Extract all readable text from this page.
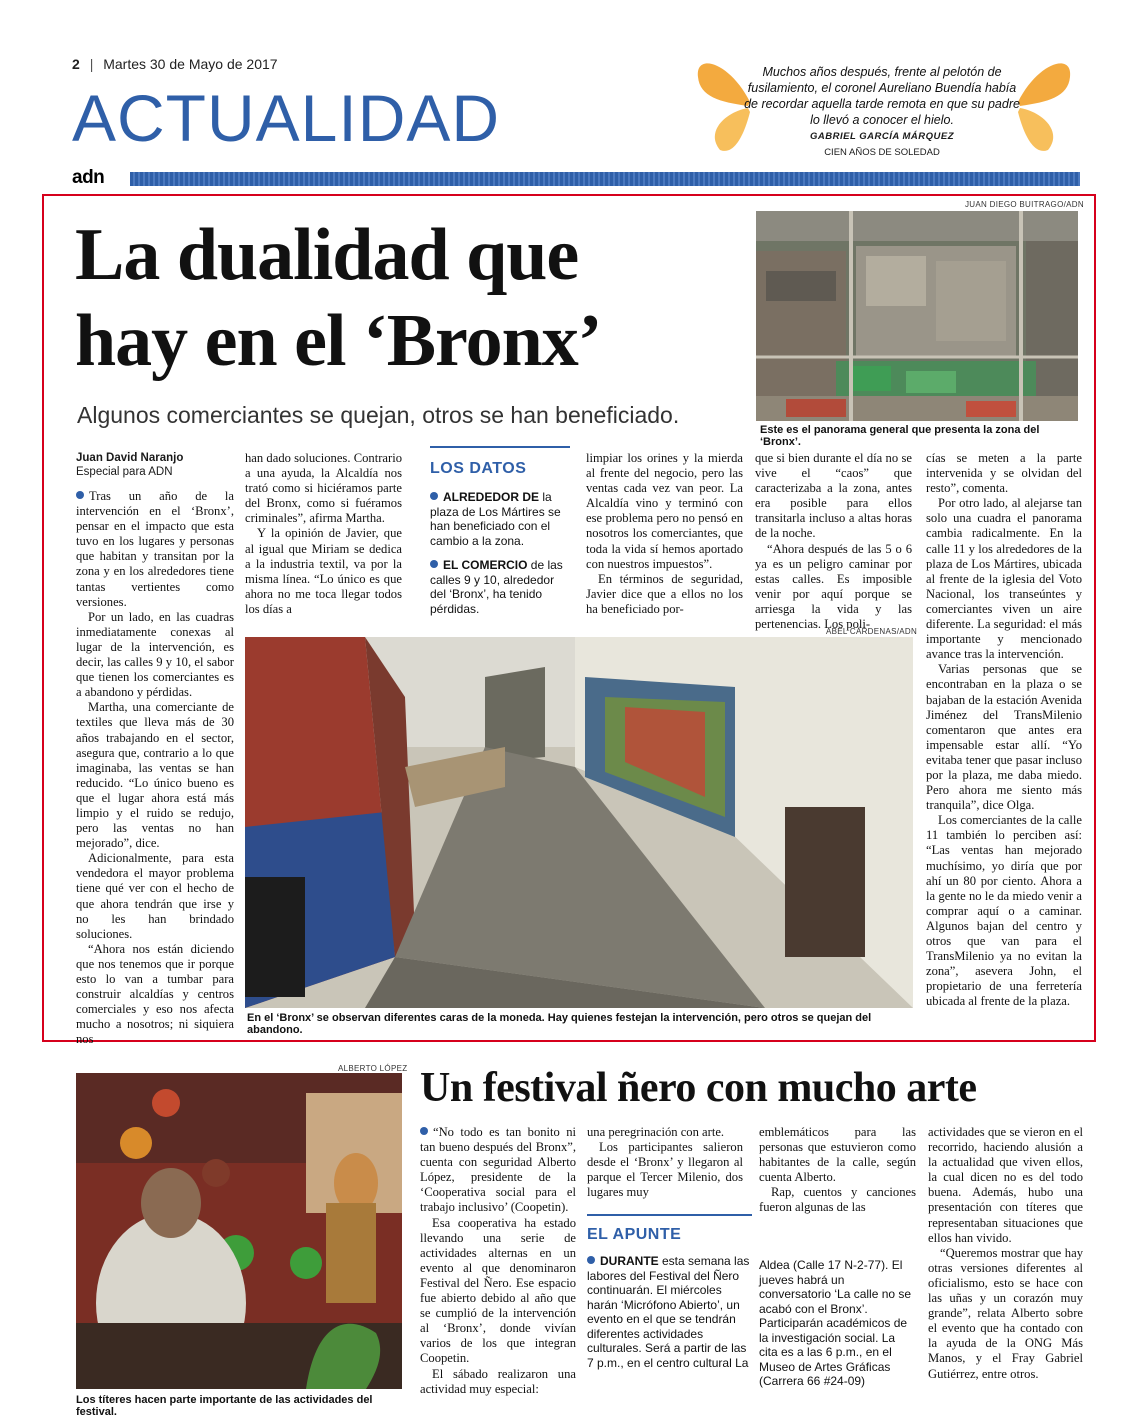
2 | Martes 30 de Mayo de 2017
ACTUALIDAD
Muchos años después, frente al pelotón de fusilamiento, el coronel Aureliano Buendía había de recordar aquella tarde remota en que su padre lo llevó a conocer el hielo.
GABRIEL GARCÍA MÁRQUEZ
CIEN AÑOS DE SOLEDAD
adn
La dualidad que
hay en el ‘Bronx’
Algunos comerciantes se quejan, otros se han beneficiado.
JUAN DIEGO BUITRAGO/ADN
Este es el panorama general que presenta la zona del ‘Bronx’.
Juan David Naranjo
Especial para ADN

Tras un año de la intervención en el ‘Bronx’, pensar en el impacto que esta tuvo en los lugares y personas que habitan y transitan por la zona y en los alrededores tiene tantas vertientes como versiones.

Por un lado, en las cuadras inmediatamente conexas al lugar de la intervención, es decir, las calles 9 y 10, el sabor que tienen los comerciantes es a abandono y pérdidas.

Martha, una comerciante de textiles que lleva más de 30 años trabajando en el sector, asegura que, contrario a lo que imaginaba, las ventas se han reducido. “Lo único bueno es que el lugar ahora está más limpio y el ruido se redujo, pero las ventas no han mejorado”, dice.

Adicionalmente, para esta vendedora el mayor problema tiene qué ver con el hecho de que ahora tendrán que irse y no les han brindado soluciones.

“Ahora nos están diciendo que nos tenemos que ir porque esto lo van a tumbar para construir alcaldías y centros comerciales y eso nos afecta mucho a nosotros; ni siquiera nos

han dado soluciones. Contrario a una ayuda, la Alcaldía nos trató como si hiciéramos parte del Bronx, como si fuéramos criminales”, afirma Martha.

Y la opinión de Javier, que al igual que Miriam se dedica a la industria textil, va por la misma línea. “Lo único es que ahora no me toca llegar todos los días a

LOS DATOS

ALREDEDOR DE la plaza de Los Mártires se han beneficiado con el cambio a la zona.

EL COMERCIO de las calles 9 y 10, alrededor del ‘Bronx’, ha tenido pérdidas.

limpiar los orines y la mierda al frente del negocio, pero las ventas cada vez van peor. La Alcaldía vino y terminó con ese problema pero no pensó en nosotros los comerciantes, que toda la vida sí hemos aportado con nuestros impuestos”.

En términos de seguridad, Javier dice que a ellos no los ha beneficiado por-

que si bien durante el día no se vive el “caos” que caracterizaba a la zona, antes era posible para ellos transitarla incluso a altas horas de la noche.

“Ahora después de las 5 o 6 ya es un peligro caminar por estas calles. Es imposible venir por aquí porque se arriesga la vida y las pertenencias. Los poli-

cías se meten a la parte intervenida y se olvidan del resto”, comenta.

Por otro lado, al alejarse tan solo una cuadra el panorama cambia radicalmente. En la calle 11 y los alrededores de la plaza de Los Mártires, ubicada al frente de la iglesia del Voto Nacional, los transeúntes y comerciantes viven un aire diferente. La seguridad: el más importante y mencionado avance tras la intervención.

Varias personas que se encontraban en la plaza o se bajaban de la estación Avenida Jiménez del TransMilenio comentaron que antes era impensable estar allí. “Yo evitaba tener que pasar incluso por la plaza, me daba miedo. Pero ahora me siento más tranquila”, dice Olga.

Los comerciantes de la calle 11 también lo perciben así: “Las ventas han mejorado muchísimo, yo diría que por ahí un 80 por ciento. Ahora a la gente no le da miedo venir a comprar aquí o a caminar. Algunos bajan del centro y otros que van para el TransMilenio ya no evitan la zona”, asevera John, el propietario de una ferretería ubicada al frente de la plaza.

ABEL CÁRDENAS/ADN
En el ‘Bronx’ se observan diferentes caras de la moneda. Hay quienes festejan la intervención, pero otros se quejan del abandono.
ALBERTO LÓPEZ
Los títeres hacen parte importante de las actividades del festival.
Un festival ñero con mucho arte

“No todo es tan bonito ni tan bueno después del Bronx”, cuenta con seguridad Alberto López, presidente de la ‘Cooperativa social para el trabajo inclusivo’ (Coopetin).

Esa cooperativa ha estado llevando una serie de actividades alternas en un evento al que denominaron Festival del Ñero. Ese espacio fue abierto debido al año que se cumplió de la intervención al ‘Bronx’, donde vivían varios de los que integran Coopetin.

El sábado realizaron una actividad muy especial:

una peregrinación con arte.

Los participantes salieron desde el ‘Bronx’ y llegaron al parque el Tercer Milenio, dos lugares muy

EL APUNTE

DURANTE esta semana las labores del Festival del Ñero continuarán. El miércoles harán ‘Micrófono Abierto’, un evento en el que se tendrán diferentes actividades culturales. Será a partir de las 7 p.m., en el centro cultural La

emblemáticos para las personas que estuvieron como habitantes de la calle, según cuenta Alberto.

Rap, cuentos y canciones fueron algunas de las

Aldea (Calle 17 N-2-77). El jueves habrá un conversatorio ‘La calle no se acabó con el Bronx’. Participarán académicos de la investigación social. La cita es a las 6 p.m., en el Museo de Artes Gráficas (Carrera 66 #24-09)

actividades que se vieron en el recorrido, haciendo alusión a la actualidad que viven ellos, la cual dicen no es del todo buena. Además, hubo una presentación con títeres que representaban situaciones que ellos han vivido.

“Queremos mostrar que hay otras versiones diferentes al oficialismo, esto se hace con las uñas y un corazón muy grande”, relata Alberto sobre el evento que ha contado con la ayuda de la ONG Más Manos, y el Fray Gabriel Gutiérrez, entre otros.
